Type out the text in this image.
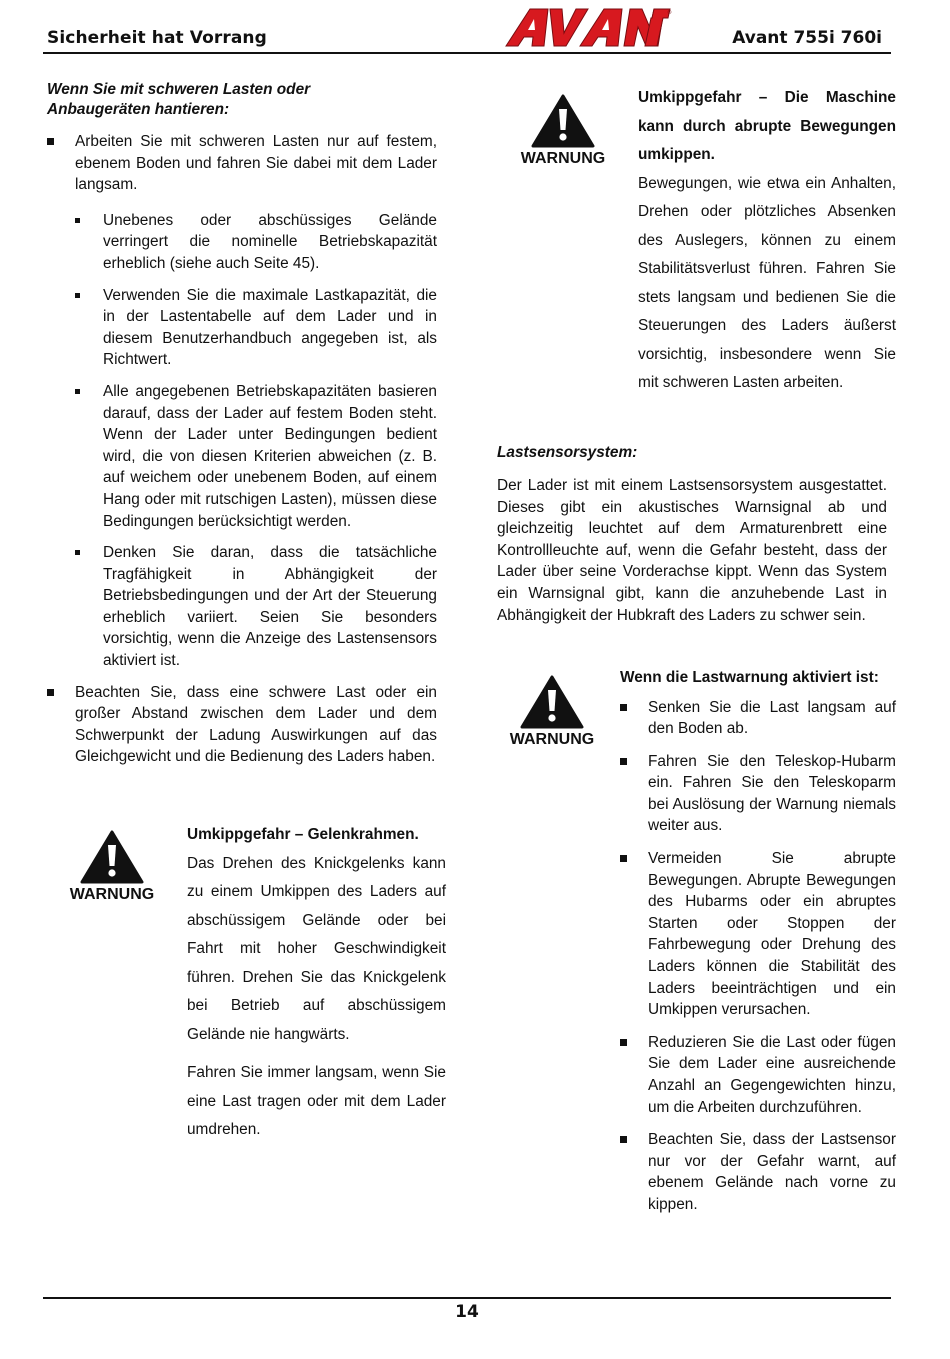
Sicherheit hat Vorrang
®
Avant 755i 760i
Wenn Sie mit schweren Lasten oder
Anbaugeräten hantieren:
Arbeiten Sie mit schweren Lasten nur auf festem, ebenem Boden und fahren Sie dabei mit dem Lader langsam.
Unebenes oder abschüssiges Gelände verringert die nominelle Betriebskapazität erheblich (siehe auch Seite 45).
Verwenden Sie die maximale Lastkapazität, die in der Lastentabelle auf dem Lader und in diesem Benutzerhandbuch angegeben ist, als Richtwert.
Alle angegebenen Betriebskapazitäten basieren darauf, dass der Lader auf festem Boden steht. Wenn der Lader unter Bedingungen bedient wird, die von diesen Kriterien abweichen (z. B. auf weichem oder unebenem Boden, auf einem Hang oder mit rutschigen Lasten), müssen diese Bedingungen berücksichtigt werden.
Denken Sie daran, dass die tatsächliche Tragfähigkeit in Abhängigkeit der Betriebsbedingungen und der Art der Steuerung erheblich variiert. Seien Sie besonders vorsichtig, wenn die Anzeige des Lastensensors aktiviert ist.
Beachten Sie, dass eine schwere Last oder ein großer Abstand zwischen dem Lader und dem Schwerpunkt der Ladung Auswirkungen auf das Gleichgewicht und die Bedienung des Laders haben.
WARNUNG
Umkippgefahr – Gelenkrahmen.
Das Drehen des Knickgelenks kann zu einem Umkippen des Laders auf abschüssigem Gelände oder bei Fahrt mit hoher Geschwindigkeit führen. Drehen Sie das Knickgelenk bei Betrieb auf abschüssigem Gelände nie hangwärts.
Fahren Sie immer langsam, wenn Sie eine Last tragen oder mit dem Lader umdrehen.
WARNUNG
Umkippgefahr – Die Maschine kann durch abrupte Bewegungen umkippen.
Bewegungen, wie etwa ein Anhalten, Drehen oder plötzliches Absenken des Auslegers, können zu einem Stabilitätsverlust führen. Fahren Sie stets langsam und bedienen Sie die Steuerungen des Laders äußerst vorsichtig, insbesondere wenn Sie mit schweren Lasten arbeiten.
Lastsensorsystem:
Der Lader ist mit einem Lastsensorsystem ausgestattet. Dieses gibt ein akustisches Warnsignal ab und gleichzeitig leuchtet auf dem Armaturenbrett eine Kontrollleuchte auf, wenn die Gefahr besteht, dass der Lader über seine Vorderachse kippt. Wenn das System ein Warnsignal gibt, kann die anzuhebende Last in Abhängigkeit der Hubkraft des Laders zu schwer sein.
WARNUNG
Wenn die Lastwarnung aktiviert ist:
Senken Sie die Last langsam auf den Boden ab.
Fahren Sie den Teleskop-Hubarm ein. Fahren Sie den Teleskoparm bei Auslösung der Warnung niemals weiter aus.
Vermeiden Sie abrupte Bewegungen. Abrupte Bewegungen des Hubarms oder ein abruptes Starten oder Stoppen der Fahrbewegung oder Drehung des Laders können die Stabilität des Laders beeinträchtigen und ein Umkippen verursachen.
Reduzieren Sie die Last oder fügen Sie dem Lader eine ausreichende Anzahl an Gegengewichten hinzu, um die Arbeiten durchzuführen.
Beachten Sie, dass der Lastsensor nur vor der Gefahr warnt, auf ebenem Gelände nach vorne zu kippen.
14
